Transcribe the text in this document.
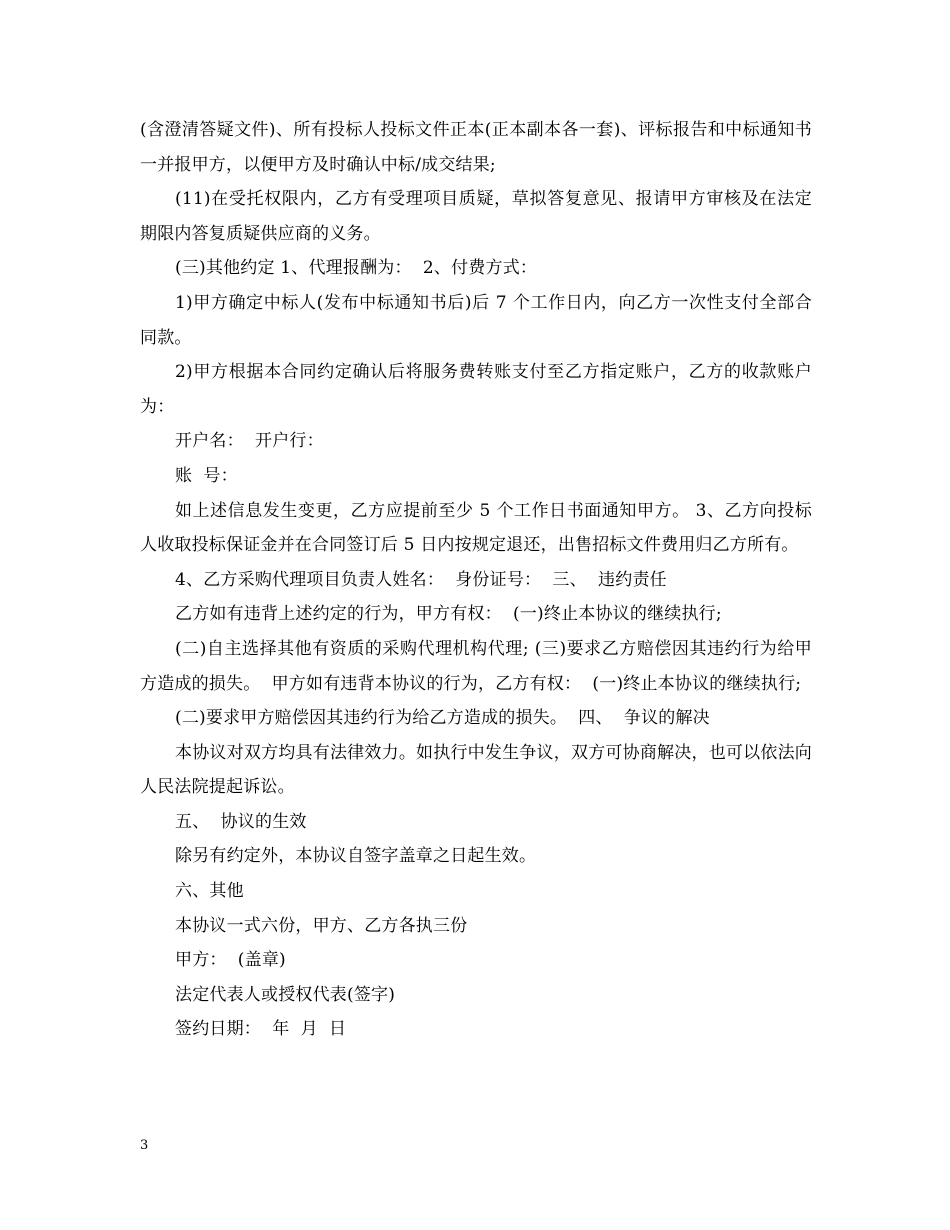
(含澄清答疑文件)、所有投标人投标文件正本(正本副本各一套)、评标报告和中标通知书一并报甲方，以便甲方及时确认中标/成交结果;

(11)在受托权限内，乙方有受理项目质疑，草拟答复意见、报请甲方审核及在法定期限内答复质疑供应商的义务。

(三)其他约定 1、代理报酬为：  2、付费方式：

1)甲方确定中标人(发布中标通知书后)后 7 个工作日内，向乙方一次性支付全部合同款。

2)甲方根据本合同约定确认后将服务费转账支付至乙方指定账户，乙方的收款账户为：

开户名：  开户行：

账  号：

如上述信息发生变更，乙方应提前至少 5 个工作日书面通知甲方。 3、乙方向投标人收取投标保证金并在合同签订后 5 日内按规定退还，出售招标文件费用归乙方所有。

4、乙方采购代理项目负责人姓名：  身份证号：  三、  违约责任

乙方如有违背上述约定的行为，甲方有权：  (一)终止本协议的继续执行;

(二)自主选择其他有资质的采购代理机构代理; (三)要求乙方赔偿因其违约行为给甲方造成的损失。  甲方如有违背本协议的行为，乙方有权：  (一)终止本协议的继续执行;

(二)要求甲方赔偿因其违约行为给乙方造成的损失。  四、  争议的解决

本协议对双方均具有法律效力。如执行中发生争议，双方可协商解决，也可以依法向人民法院提起诉讼。

五、  协议的生效

除另有约定外，本协议自签字盖章之日起生效。

六、其他

本协议一式六份，甲方、乙方各执三份

甲方：  (盖章)

法定代表人或授权代表(签字)

签约日期：  年  月  日

3
